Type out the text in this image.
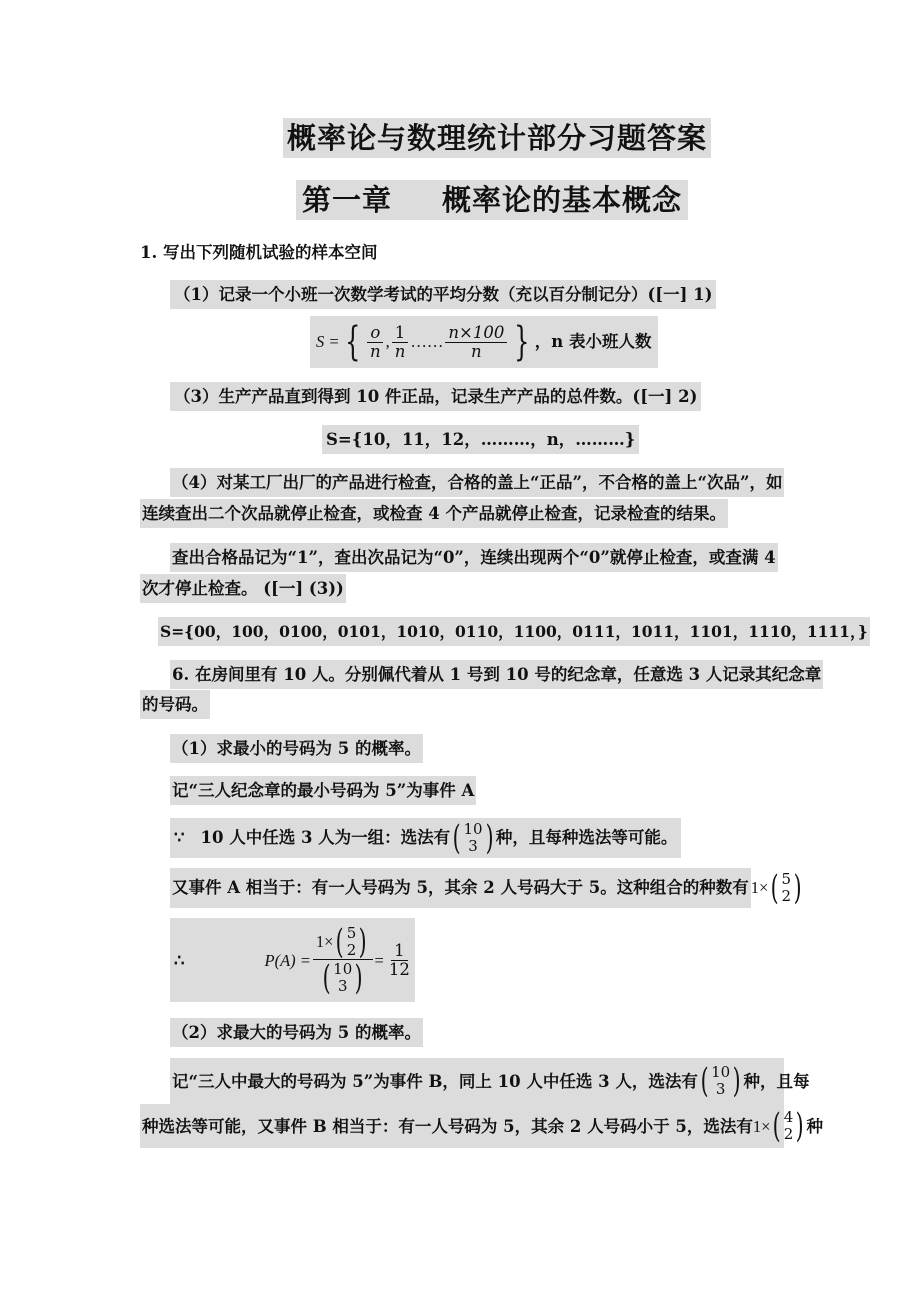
概率论与数理统计部分习题答案
第一章 概率论的基本概念
1. 写出下列随机试验的样本空间
（1）记录一个小班一次数学考试的平均分数（充以百分制记分）([一] 1)
S = { $\frac{o}{n}$ , $\frac{1}{n}$ …… $\frac{n\times 100}{n}$ } ，n 表小班人数
（3）生产产品直到得到 10 件正品，记录生产产品的总件数。([一] 2)
S={10，11，12，………，n，………}
（4）对某工厂出厂的产品进行检查，合格的盖上“正品”，不合格的盖上“次品”，如
连续查出二个次品就停止检查，或检查 4 个产品就停止检查，记录检查的结果。
查出合格品记为“1”，查出次品记为“0”，连续出现两个“0”就停止检查，或查满 4
次才停止检查。 ([一] (3))
S={00，100，0100，0101，1010，0110，1100，0111，1011，1101，1110，1111，}
6. 在房间里有 10 人。分别佩代着从 1 号到 10 号的纪念章，任意选 3 人记录其纪念章
的号码。
（1）求最小的号码为 5 的概率。
记“三人纪念章的最小号码为 5”为事件 A
∵ 10 人中任选 3 人为一组：选法有 ( 10
3 ) 种，且每种选法等可能。
又事件 A 相当于：有一人号码为 5，其余 2 人号码大于 5。这种组合的种数有 1× ( 5
2 )
∴	P(A) = 1× ( 5
2 )
( 10
3 ) = $\frac{1}{12}$
（2）求最大的号码为 5 的概率。
记“三人中最大的号码为 5”为事件 B，同上 10 人中任选 3 人，选法有 ( 10
3 ) 种，且每
种选法等可能，又事件 B 相当于：有一人号码为 5，其余 2 人号码小于 5，选法有 1× ( 4
2 ) 种
